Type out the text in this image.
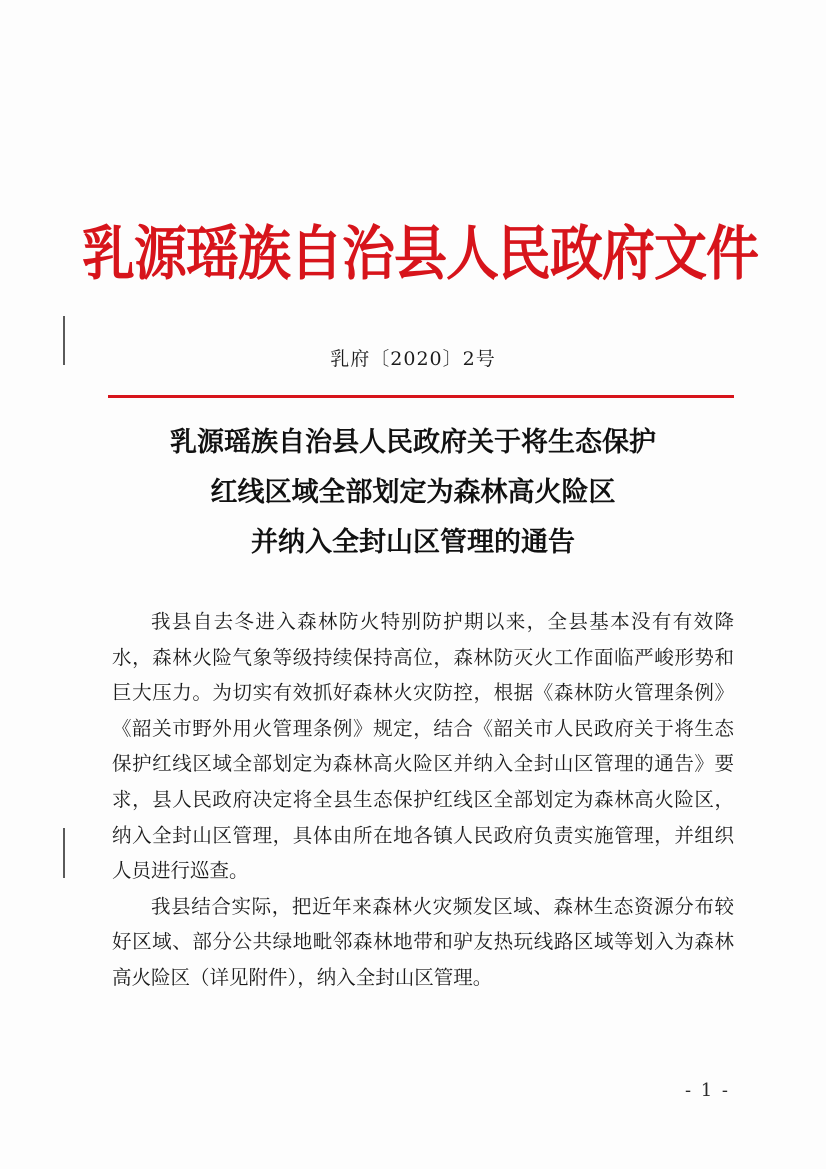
乳源瑶族自治县人民政府文件
乳府〔2020〕2号
乳源瑶族自治县人民政府关于将生态保护
红线区域全部划定为森林高火险区
并纳入全封山区管理的通告

我县自去冬进入森林防火特别防护期以来，全县基本没有有效降水，森林火险气象等级持续保持高位，森林防灭火工作面临严峻形势和巨大压力。为切实有效抓好森林火灾防控，根据《森林防火管理条例》《韶关市野外用火管理条例》规定，结合《韶关市人民政府关于将生态保护红线区域全部划定为森林高火险区并纳入全封山区管理的通告》要求，县人民政府决定将全县生态保护红线区全部划定为森林高火险区，纳入全封山区管理，具体由所在地各镇人民政府负责实施管理，并组织人员进行巡查。

我县结合实际，把近年来森林火灾频发区域、森林生态资源分布较好区域、部分公共绿地毗邻森林地带和驴友热玩线路区域等划入为森林高火险区（详见附件），纳入全封山区管理。

- 1 -
